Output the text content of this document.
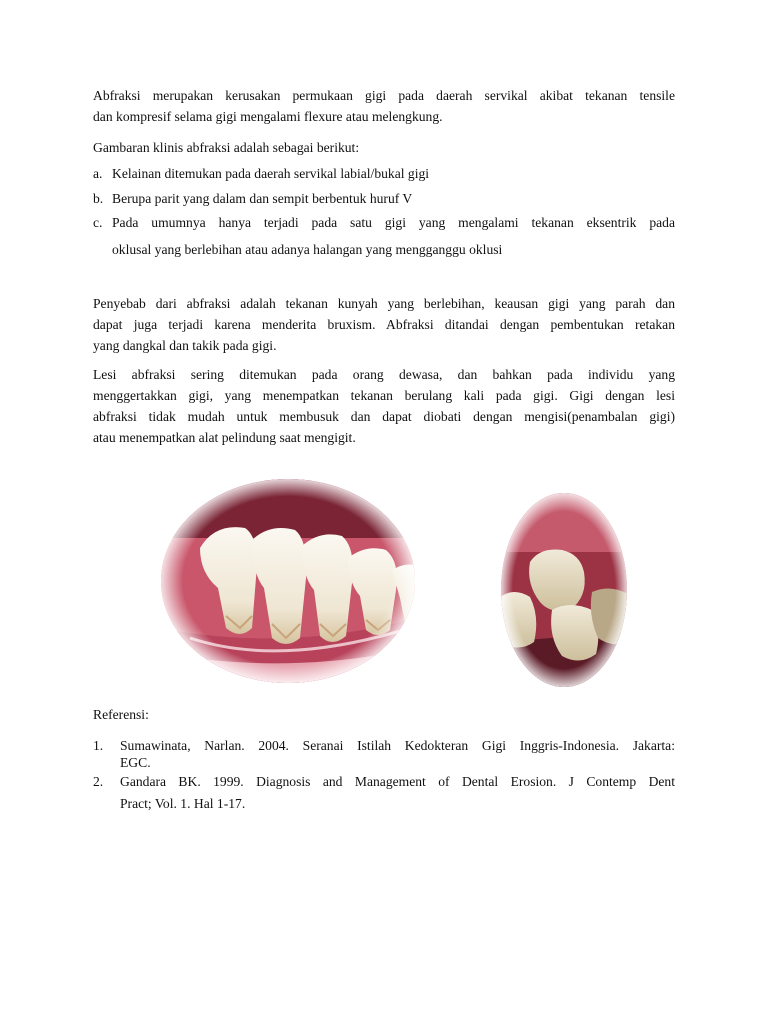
Abfraksi merupakan kerusakan permukaan gigi pada daerah servikal akibat tekanan tensile
dan kompresif selama gigi mengalami flexure atau melengkung.
Gambaran klinis abfraksi adalah sebagai berikut:
a. Kelainan ditemukan pada daerah servikal labial/bukal gigi
b. Berupa parit yang dalam dan sempit berbentuk huruf V
c. Pada umumnya hanya terjadi pada satu gigi yang mengalami tekanan eksentrik pada
oklusal yang berlebihan atau adanya halangan yang mengganggu oklusi
Penyebab dari abfraksi adalah tekanan kunyah yang berlebihan, keausan gigi yang parah dan
dapat juga terjadi karena menderita bruxism. Abfraksi ditandai dengan pembentukan retakan
yang dangkal dan takik pada gigi.
Lesi abfraksi sering ditemukan pada orang dewasa, dan bahkan pada individu yang
menggertakkan gigi, yang menempatkan tekanan berulang kali pada gigi. Gigi dengan lesi
abfraksi tidak mudah untuk membusuk dan dapat diobati dengan mengisi(penambalan gigi)
atau menempatkan alat pelindung saat mengigit.
Referensi:
1. Sumawinata, Narlan. 2004. Seranai Istilah Kedokteran Gigi Inggris-Indonesia. Jakarta:
EGC.
2. Gandara BK. 1999. Diagnosis and Management of Dental Erosion. J Contemp Dent
Pract; Vol. 1. Hal 1-17.
